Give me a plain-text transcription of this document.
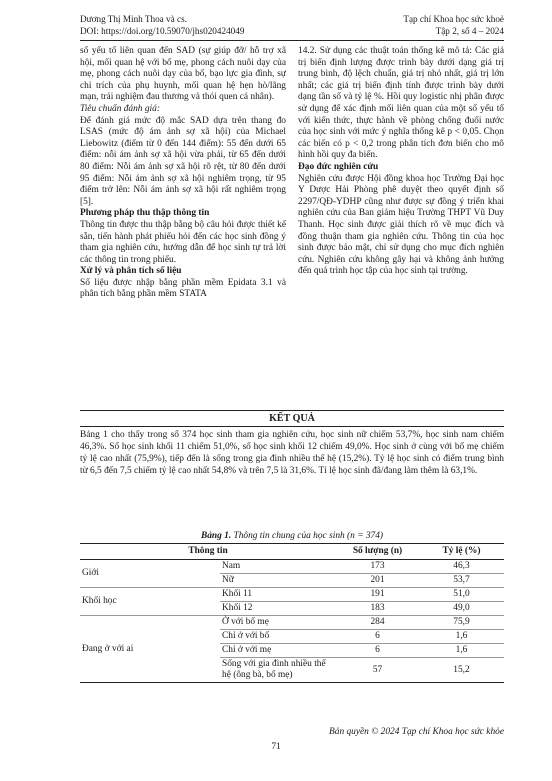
Dương Thị Minh Thoa và cs.
DOI: https://doi.org/10.59070/jhs020424049
Tạp chí Khoa học sức khoẻ
Tập 2, số 4 – 2024

số yếu tố liên quan đến SAD (sự giúp đỡ/ hỗ trợ xã hội, mối quan hệ với bố mẹ, phong cách nuôi dạy của mẹ, phong cách nuôi dạy của bố, bạo lực gia đình, sự chỉ trích của phụ huynh, mối quan hệ hẹn hò/lãng mạn, trải nghiệm đau thương và thói quen cá nhân).

Tiêu chuẩn đánh giá:

Để đánh giá mức độ mắc SAD dựa trên thang đo LSAS (mức độ ám ảnh sợ xã hội) của Michael Liebowitz (điểm từ 0 đến 144 điểm): 55 đến dưới 65 điểm: nỗi ám ảnh sợ xã hội vừa phải, từ 65 đến dưới 80 điểm: Nỗi ám ảnh sợ xã hội rõ rệt, từ 80 đến dưới 95 điểm: Nỗi ám ảnh sợ xã hội nghiêm trọng, từ 95 điểm trở lên: Nỗi ám ảnh sợ xã hội rất nghiêm trọng [5].

Phương pháp thu thập thông tin

Thông tin được thu thập bằng bộ câu hỏi được thiết kế sẵn, tiến hành phát phiếu hỏi đến các học sinh đồng ý tham gia nghiên cứu, hướng dẫn để học sinh tự trả lời các thông tin trong phiếu.

Xử lý và phân tích số liệu

Số liệu được nhập bằng phần mềm Epidata 3.1 và phân tích bằng phần mềm STATA

14.2. Sử dụng các thuật toán thống kê mô tả: Các giá trị biến định lượng được trình bày dưới dạng giá trị trung bình, độ lệch chuẩn, giá trị nhỏ nhất, giá trị lớn nhất; các giá trị biến định tính được trình bày dưới dạng tần số và tỷ lệ %. Hồi quy logistic nhị phân được sử dụng để xác định mối liên quan của một số yếu tố với kiến thức, thực hành về phòng chống đuối nước của học sinh với mức ý nghĩa thống kê p < 0,05. Chọn các biến có p < 0,2 trong phân tích đơn biến cho mô hình hồi quy đa biến.

Đạo đức nghiên cứu

Nghiên cứu được Hội đồng khoa học Trường Đại học Y Dược Hải Phòng phê duyệt theo quyết định số 2297/QĐ-YDHP cũng như được sự đồng ý triển khai nghiên cứu của Ban giám hiệu Trường THPT Vũ Duy Thanh. Học sinh được giải thích rõ về mục đích và đồng thuận tham gia nghiên cứu. Thông tin của học sinh được bảo mật, chỉ sử dụng cho mục đích nghiên cứu. Nghiên cứu không gây hại và không ảnh hưởng đến quá trình học tập của học sinh tại trường.

KẾT QUẢ

Bảng 1 cho thấy trong số 374 học sinh tham gia nghiên cứu, học sinh nữ chiếm 53,7%, học sinh nam chiếm 46,3%. Số học sinh khối 11 chiếm 51,0%, số học sinh khối 12 chiếm 49,0%. Học sinh ở cùng với bố mẹ chiếm tỷ lệ cao nhất (75,9%), tiếp đến là sống trong gia đình nhiều thế hệ (15,2%). Tỷ lệ học sinh có điểm trung bình từ 6,5 đến 7,5 chiếm tỷ lệ cao nhất 54,8% và trên 7,5 là 31,6%. Tỉ lệ học sinh đã/đang làm thêm là 63,1%.

Bảng 1. Thông tin chung của học sinh (n = 374)
Thông tin		Số lượng (n)	Tỷ lệ (%)
Giới	Nam	173	46,3
	Nữ	201	53,7
Khối học	Khối 11	191	51,0
	Khối 12	183	49,0
Đang ở với ai	Ở với bố mẹ	284	75,9
	Chỉ ở với bố	6	1,6
	Chỉ ở với mẹ	6	1,6
	Sống với gia đình nhiều thế hệ (ông bà, bố mẹ)	57	15,2
Bản quyền © 2024 Tạp chí Khoa học sức khỏe
71
